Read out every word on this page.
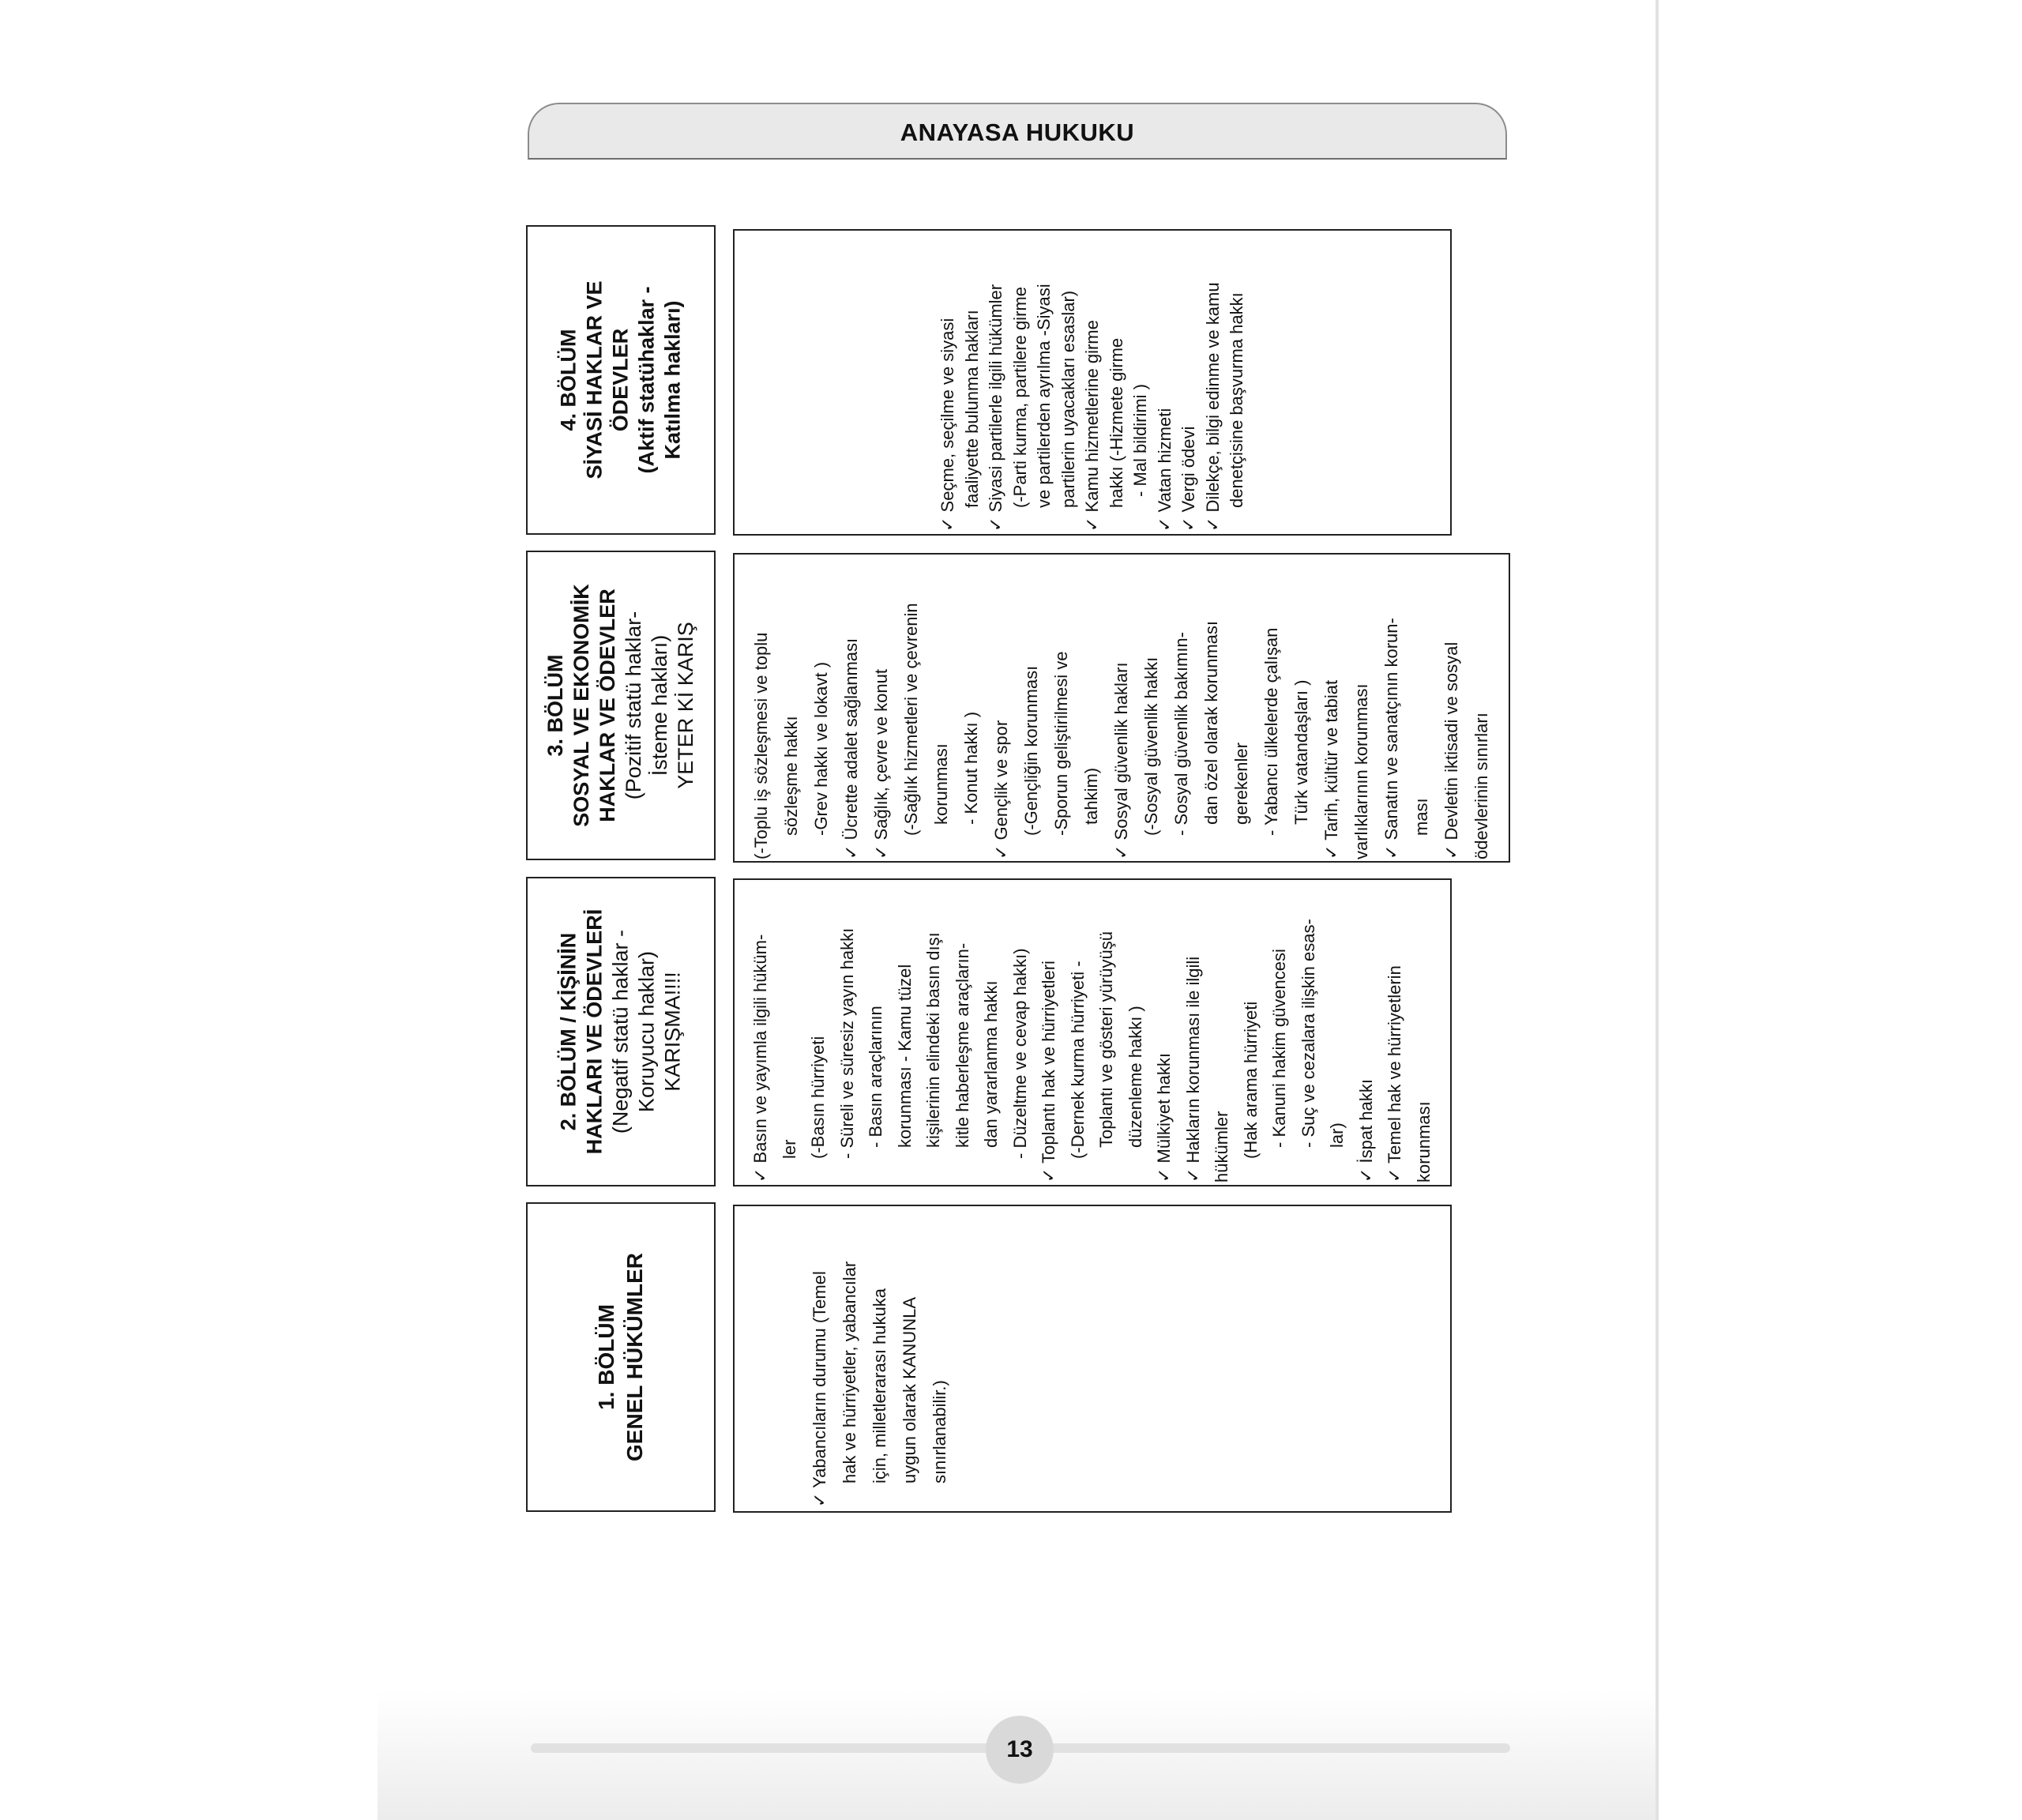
ANAYASA HUKUKU
4. BÖLÜM SİYASİ HAKLAR VE ÖDEVLER (Aktif statühaklar - Katılma hakları)	✓ Seçme, seçilme ve siyasi faaliyette bulunma hakları ✓ Siyasi partilerle ilgili hükümler (-Parti kurma, partilere girme ve partilerden ayrılma -Siyasi partilerin uyacakları esaslar) ✓ Kamu hizmetlerine girme hakkı (-Hizmete girme - Mal bildirimi ) ✓ Vatan hizmeti ✓ Vergi ödevi ✓ Dilekçe, bilgi edinme ve kamu denetçisine başvurma hakkı
3. BÖLÜM SOSYAL VE EKONOMİK HAKLAR VE ÖDEVLER (Pozitif statü haklar- İsteme hakları) YETER Kİ KARIŞ	(-Toplu iş sözleşmesi ve toplu sözleşme hakkı -Grev hakkı ve lokavt ) ✓ Ücrette adalet sağlanması ✓ Sağlık, çevre ve konut (-Sağlık hizmetleri ve çevrenin korunması - Konut hakkı ) ✓ Gençlik ve spor (-Gençliğin korunması -Sporun geliştirilmesi ve tahkim) ✓ Sosyal güvenlik hakları (-Sosyal güvenlik hakkı - Sosyal güvenlik bakımın- dan özel olarak korunması gerekenler - Yabancı ülkelerde çalışan Türk vatandaşları ) ✓ Tarih, kültür ve tabiat varlıklarının korunması ✓ Sanatın ve sanatçının korun- ması ✓ Devletin iktisadi ve sosyal ödevlerinin sınırları
2. BÖLÜM / KİŞİNİN HAKLARI VE ÖDEVLERİ (Negatif statü haklar - Koruyucu haklar) KARIŞMA!!!!	✓ Basın ve yayımla ilgili hüküm- ler (-Basın hürriyeti - Süreli ve süresiz yayın hakkı - Basın araçlarının korunması - Kamu tüzel kişilerinin elindeki basın dışı kitle haberleşme araçların- dan yararlanma hakkı - Düzeltme ve cevap hakkı) ✓ Toplantı hak ve hürriyetleri (-Dernek kurma hürriyeti - Toplantı ve gösteri yürüyüşü düzenleme hakkı ) ✓ Mülkiyet hakkı ✓ Hakların korunması ile ilgili hükümler (Hak arama hürriyeti - Kanuni hakim güvencesi - Suç ve cezalara ilişkin esas- lar) ✓ İspat hakkı ✓ Temel hak ve hürriyetlerin korunması
1. BÖLÜM GENEL HÜKÜMLER	✓ Yabancıların durumu (Temel hak ve hürriyetler, yabancılar için, milletlerarası hukuka uygun olarak KANUNLA sınırlanabilir.)
13
